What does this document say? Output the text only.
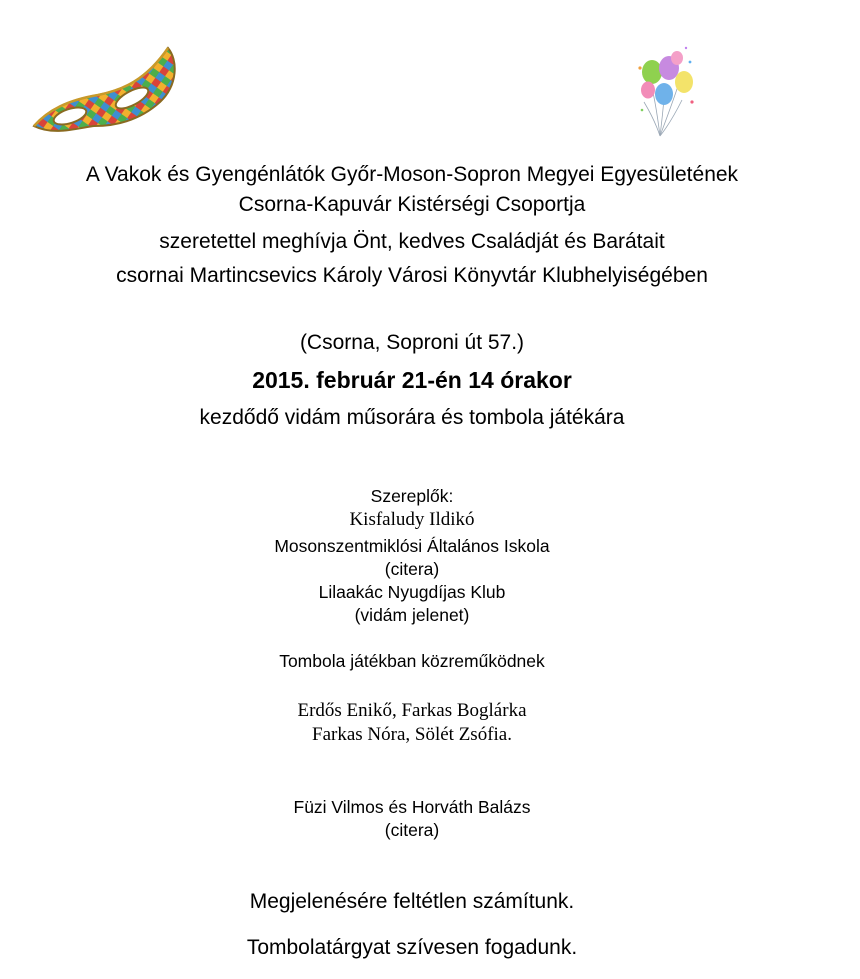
A Vakok és Gyengénlátók Győr-Moson-Sopron Megyei Egyesületének
Csorna-Kapuvár Kistérségi Csoportja
szeretettel meghívja Önt, kedves Családját és Barátait
csornai Martincsevics Károly Városi Könyvtár Klubhelyiségében
(Csorna, Soproni út 57.)
2015. február 21-én 14 órakor
kezdődő vidám műsorára és tombola játékára
Szereplők:
Kisfaludy Ildikó
Mosonszentmiklósi Általános Iskola
(citera)
Lilaakác Nyugdíjas Klub
(vidám jelenet)
Tombola játékban közreműködnek
Erdős Enikő, Farkas Boglárka
Farkas Nóra, Sölét Zsófia.
Füzi Vilmos és Horváth Balázs
(citera)
Megjelenésére feltétlen számítunk.
Tombolatárgyat szívesen fogadunk.
